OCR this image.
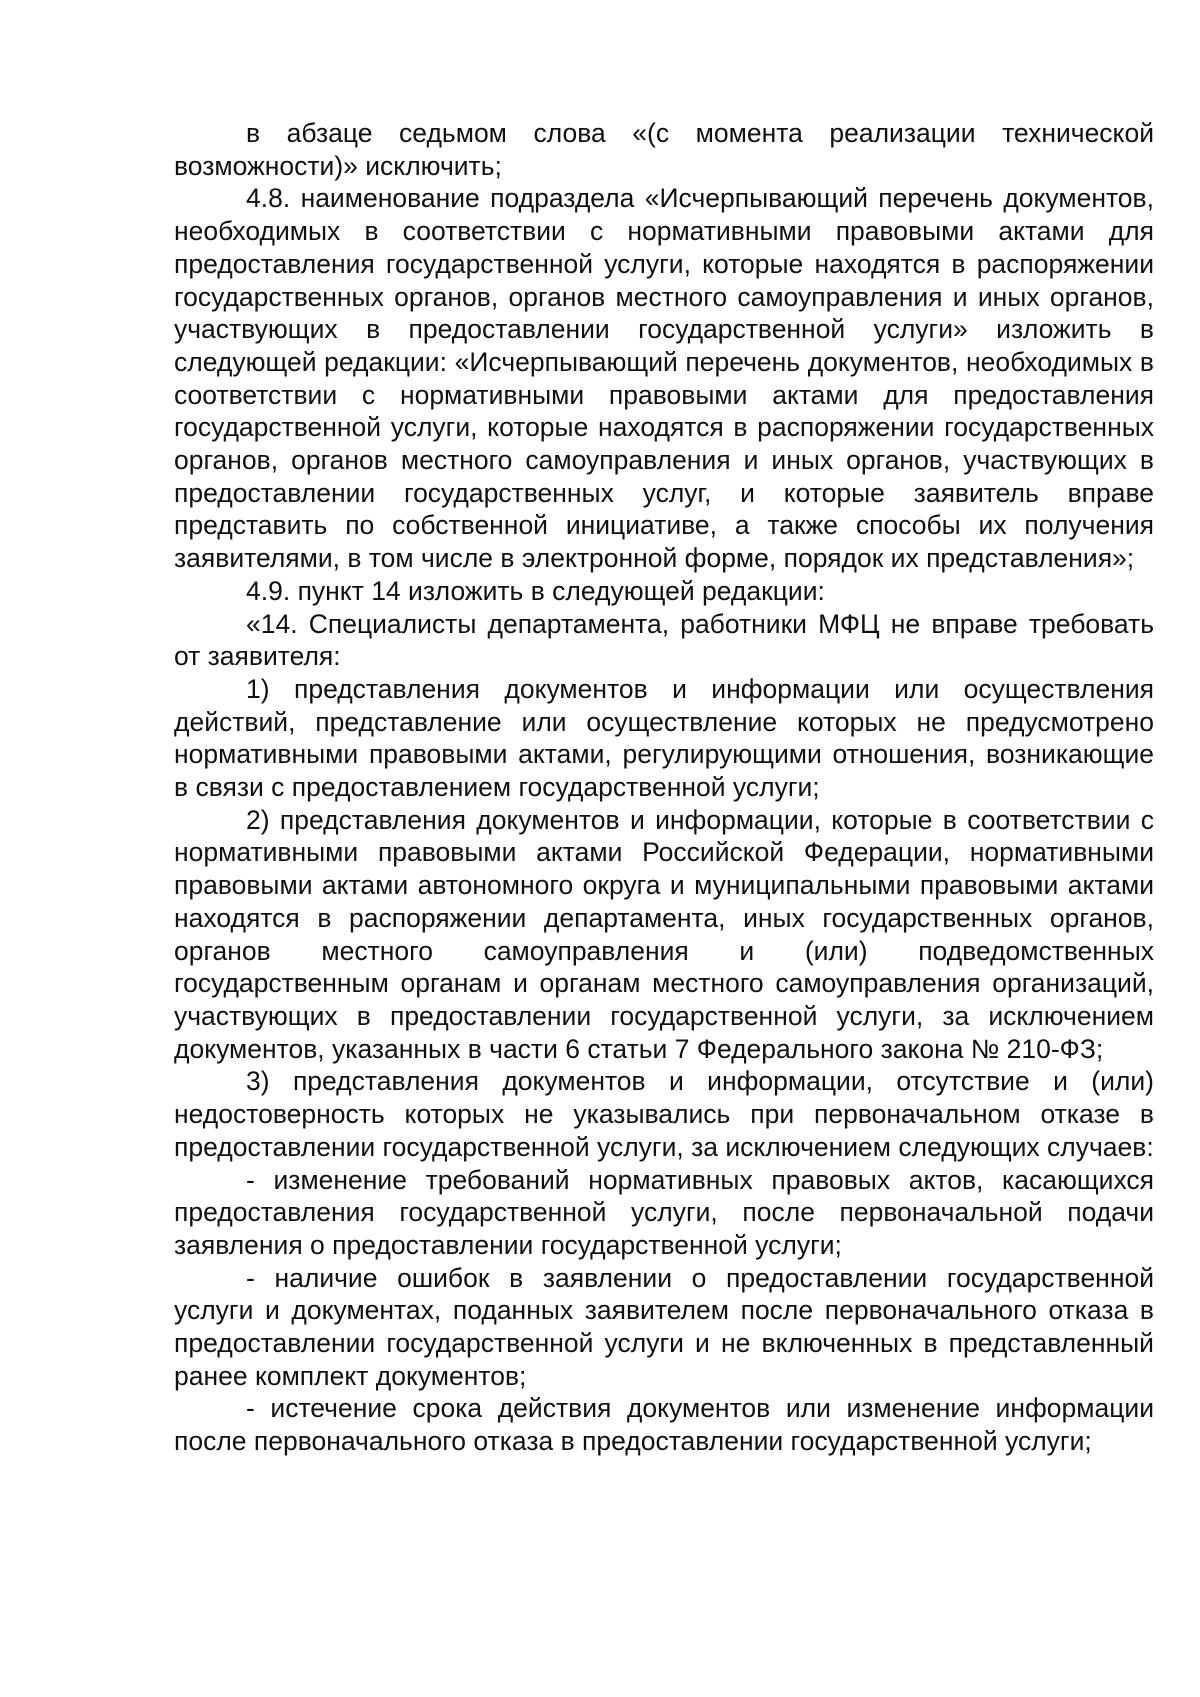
в абзаце седьмом слова «(с момента реализации технической возможности)» исключить;

4.8. наименование подраздела «Исчерпывающий перечень документов, необходимых в соответствии с нормативными правовыми актами для предоставления государственной услуги, которые находятся в распоряжении государственных органов, органов местного самоуправления и иных органов, участвующих в предоставлении государственной услуги» изложить в следующей редакции: «Исчерпывающий перечень документов, необходимых в соответствии с нормативными правовыми актами для предоставления государственной услуги, которые находятся в распоряжении государственных органов, органов местного самоуправления и иных органов, участвующих в предоставлении государственных услуг, и которые заявитель вправе представить по собственной инициативе, а также способы их получения заявителями, в том числе в электронной форме, порядок их представления»;

4.9. пункт 14 изложить в следующей редакции:

«14. Специалисты департамента, работники МФЦ не вправе требовать от заявителя:

1) представления документов и информации или осуществления действий, представление или осуществление которых не предусмотрено нормативными правовыми актами, регулирующими отношения, возникающие в связи с предоставлением государственной услуги;

2) представления документов и информации, которые в соответствии с нормативными правовыми актами Российской Федерации, нормативными правовыми актами автономного округа и муниципальными правовыми актами находятся в распоряжении департамента, иных государственных органов, органов местного самоуправления и (или) подведомственных государственным органам и органам местного самоуправления организаций, участвующих в предоставлении государственной услуги, за исключением документов, указанных в части 6 статьи 7 Федерального закона № 210-ФЗ;

3) представления документов и информации, отсутствие и (или) недостоверность которых не указывались при первоначальном отказе в предоставлении государственной услуги, за исключением следующих случаев:

- изменение требований нормативных правовых актов, касающихся предоставления государственной услуги, после первоначальной подачи заявления о предоставлении государственной услуги;

- наличие ошибок в заявлении о предоставлении государственной услуги и документах, поданных заявителем после первоначального отказа в предоставлении государственной услуги и не включенных в представленный ранее комплект документов;

- истечение срока действия документов или изменение информации после первоначального отказа в предоставлении государственной услуги;
